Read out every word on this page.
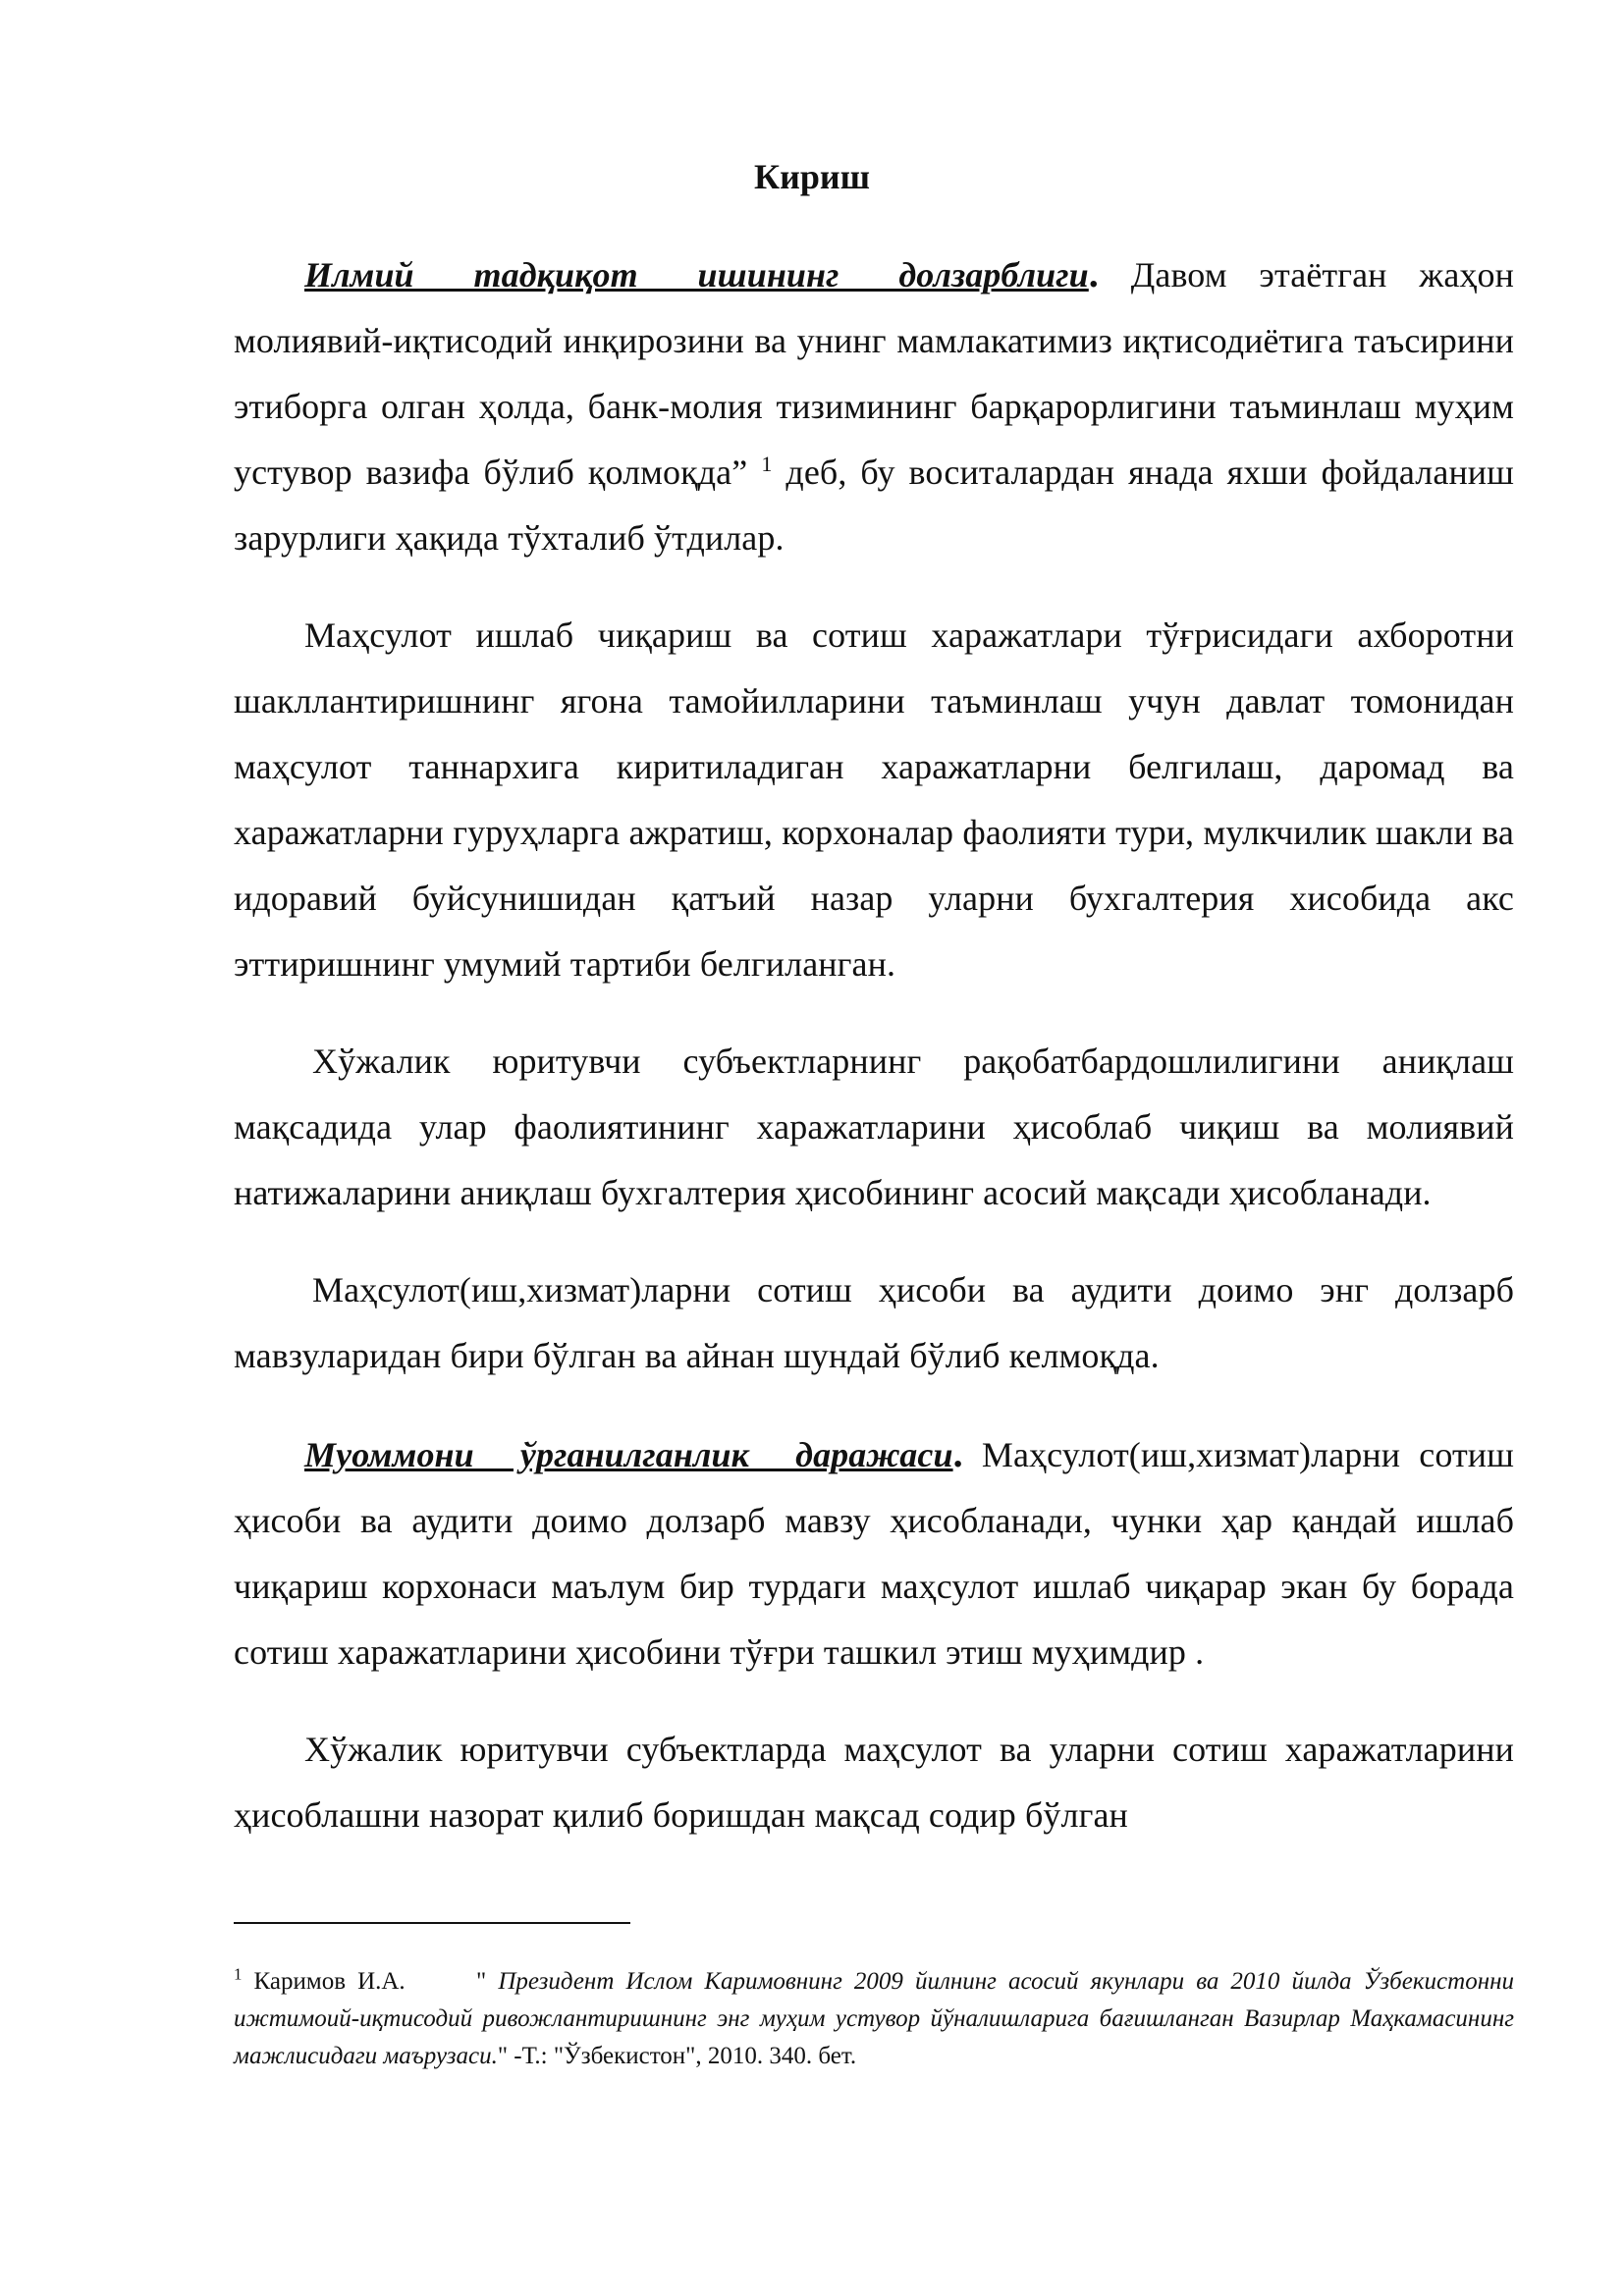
Кириш

Илмий тадқиқот ишининг долзарблиги. Давом этаётган жаҳон молиявий-иқтисодий инқирозини ва унинг мамлакатимиз иқтисодиётига таъсирини этиборга олган ҳолда, банк-молия тизимининг барқарорлигини таъминлаш муҳим устувор вазифа бўлиб қолмоқда” $^1$ деб, бу воситалардан янада яхши фойдаланиш зарурлиги ҳақида тўхталиб ўтдилар.

Маҳсулот ишлаб чиқариш ва сотиш харажатлари тўғрисидаги ахборотни шакллантиришнинг ягона тамойилларини таъминлаш учун давлат томонидан маҳсулот таннархига киритиладиган харажатларни белгилаш, даромад ва харажатларни гуруҳларга ажратиш, корхоналар фаолияти тури, мулкчилик шакли ва идоравий буйсунишидан қатъий назар уларни бухгалтерия хисобида акс эттиришнинг умумий тартиби белгиланган.

Хўжалик юритувчи субъектларнинг рақобатбардошлилигини аниқлаш мақсадида улар фаолиятининг харажатларини ҳисоблаб чиқиш ва молиявий натижаларини аниқлаш бухгалтерия ҳисобининг асосий мақсади ҳисобланади.

Маҳсулот(иш,хизмат)ларни сотиш ҳисоби ва аудити доимо энг долзарб мавзуларидан бири бўлган ва айнан шундай бўлиб келмоқда.

Муоммони ўрганилганлик даражаси. Маҳсулот(иш,хизмат)ларни сотиш ҳисоби ва аудити доимо долзарб мавзу ҳисобланади, чунки ҳар қандай ишлаб чиқариш корхонаси маълум бир турдаги маҳсулот ишлаб чиқарар экан бу борада сотиш харажатларини ҳисобини тўғри ташкил этиш муҳимдир .

Хўжалик юритувчи субъектларда маҳсулот ва уларни сотиш харажатларини ҳисоблашни назорат қилиб боришдан мақсад содир бўлган

$^1$ Каримов И.А.      " Президент Ислом Каримовнинг 2009 йилнинг асосий якунлари ва 2010 йилда Ўзбекистонни ижтимоий-иқтисодий ривожлантиришнинг энг муҳим устувор йўналишларига бағишланган Вазирлар Маҳкамасининг мажлисидаги маърузаси." -Т.: "Ўзбекистон", 2010. 340. бет.
